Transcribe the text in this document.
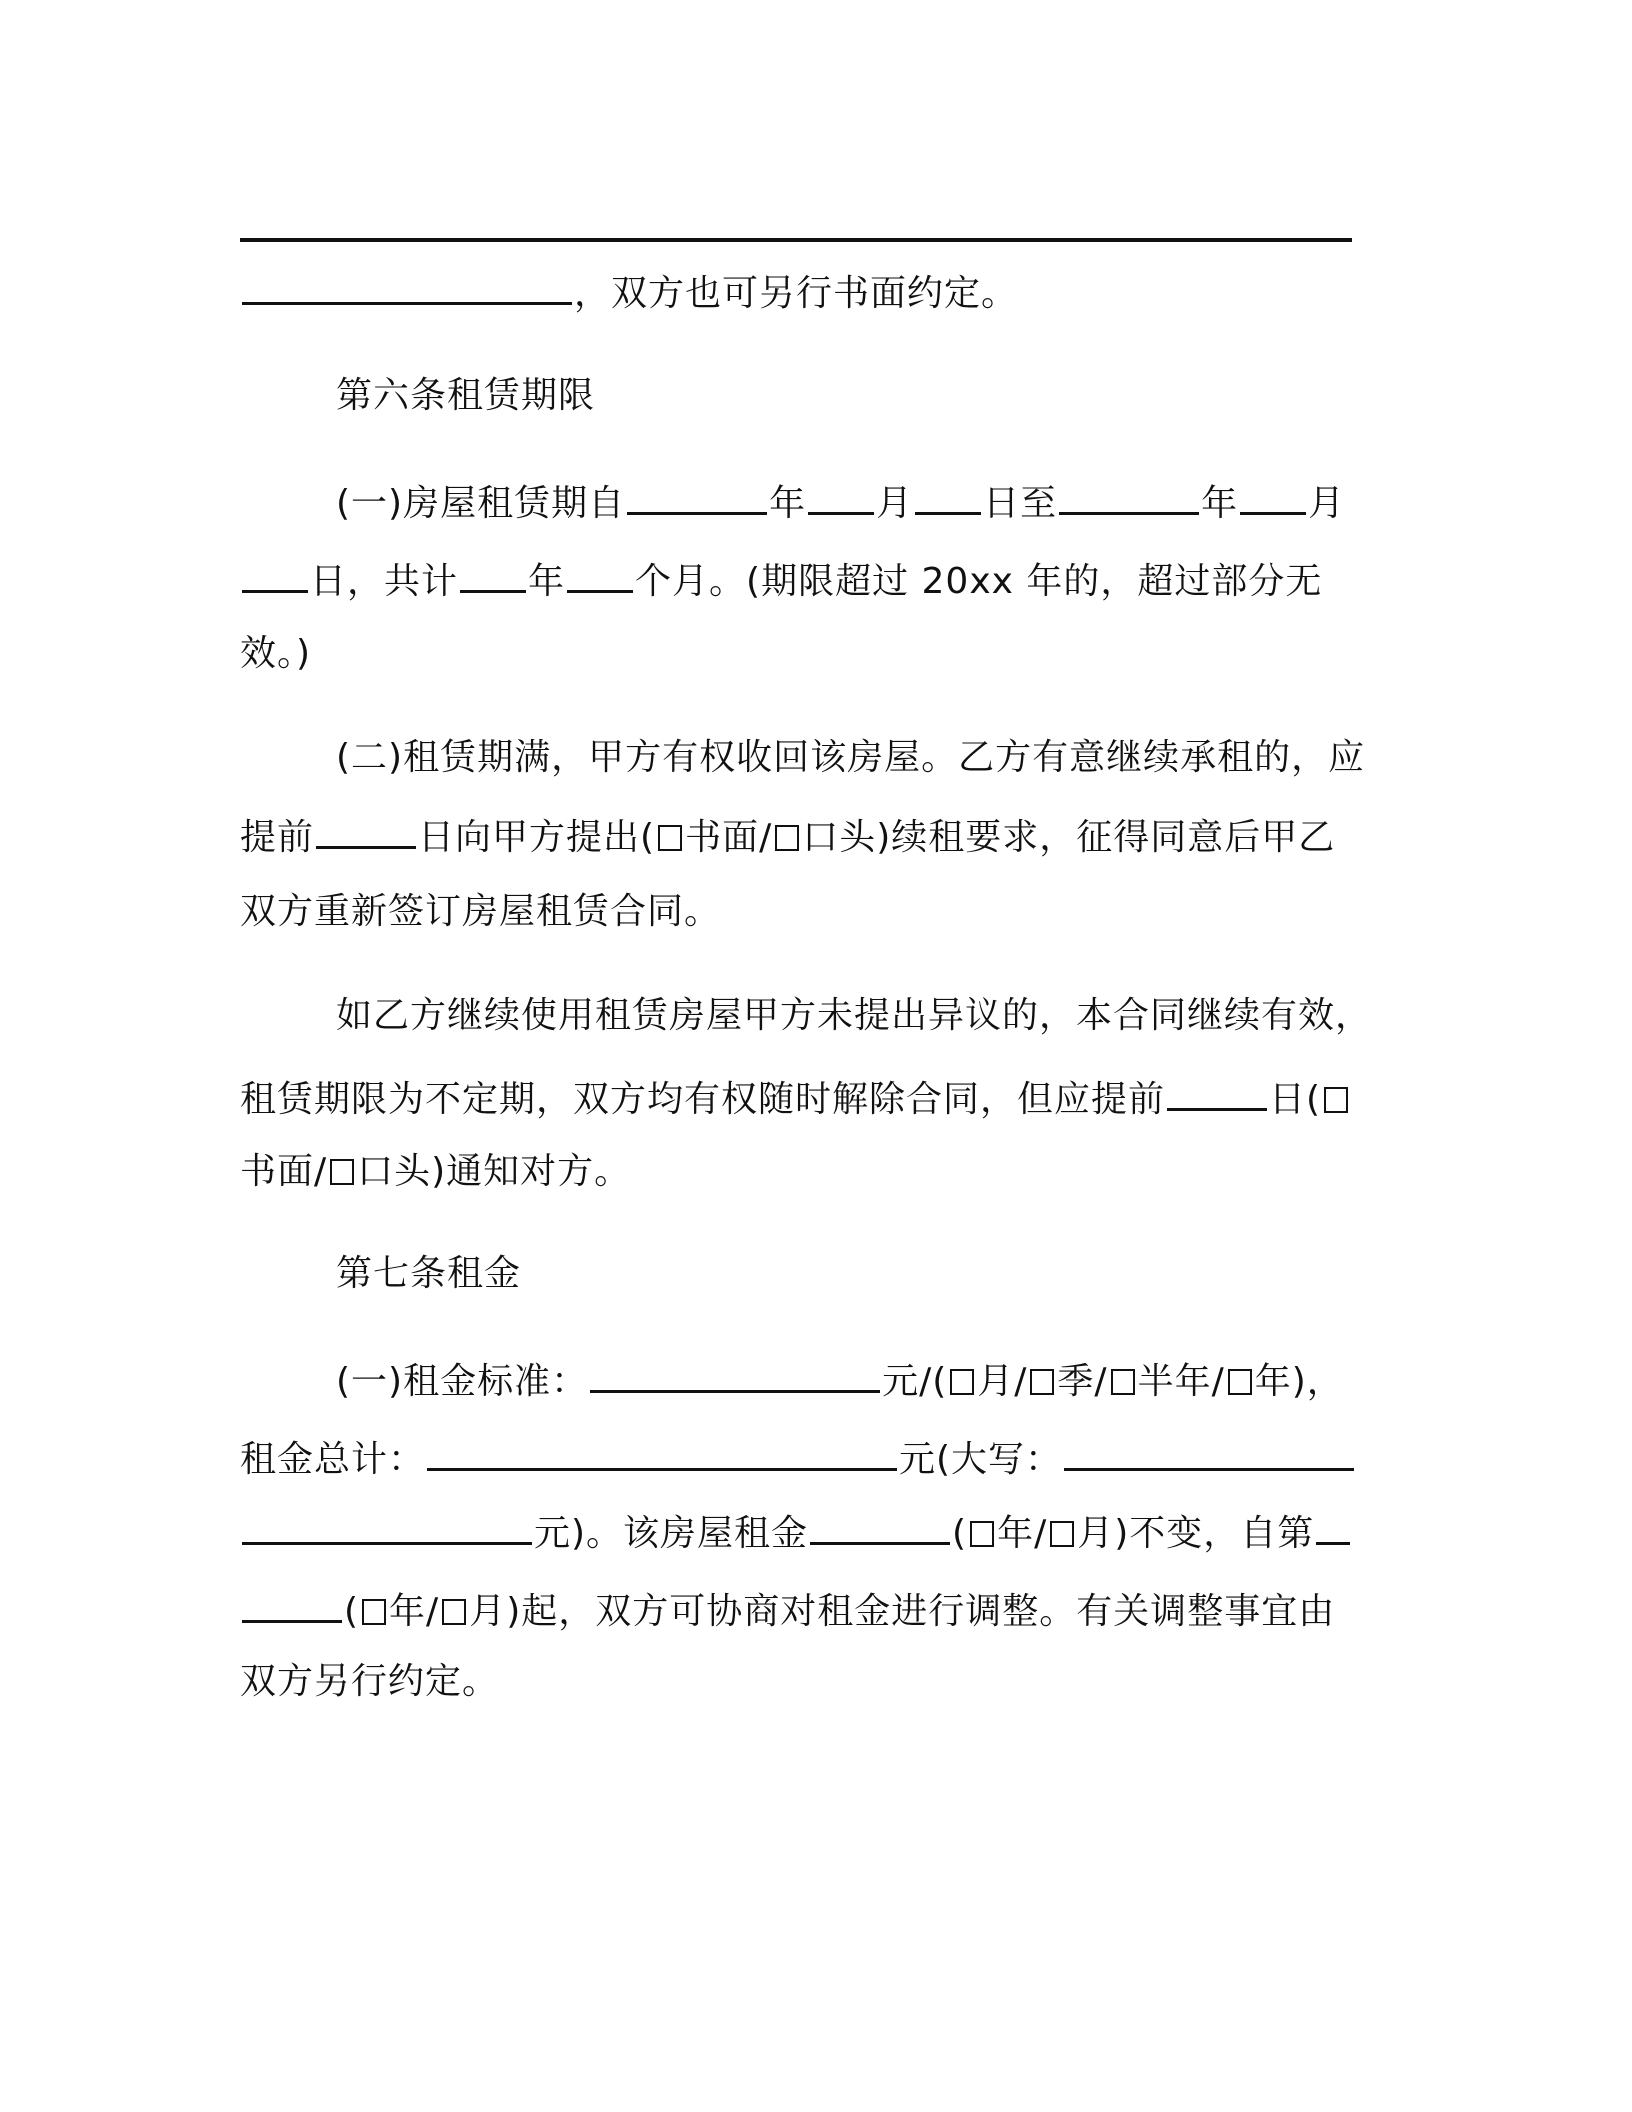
，双方也可另行书面约定。
第六条租赁期限
(一)房屋租赁期自	年 月 日至	年 月
日，共计 年 个月。(期限超过 20xx 年的，超过部分无
效。)
(二)租赁期满，甲方有权收回该房屋。乙方有意继续承租的，应
提前	日向甲方提出( 书面/ 口头)续租要求，征得同意后甲乙
双方重新签订房屋租赁合同。
如乙方继续使用租赁房屋甲方未提出异议的，本合同继续有效，
租赁期限为不定期，双方均有权随时解除合同，但应提前	日(
书面/ 口头)通知对方。
第七条租金
(一)租金标准：	元/( 月/ 季/ 半年/ 年)，
租金总计：	元(大写：
元)。该房屋租金	( 年/ 月)不变，自第
( 年/ 月)起，双方可协商对租金进行调整。有关调整事宜由
双方另行约定。
